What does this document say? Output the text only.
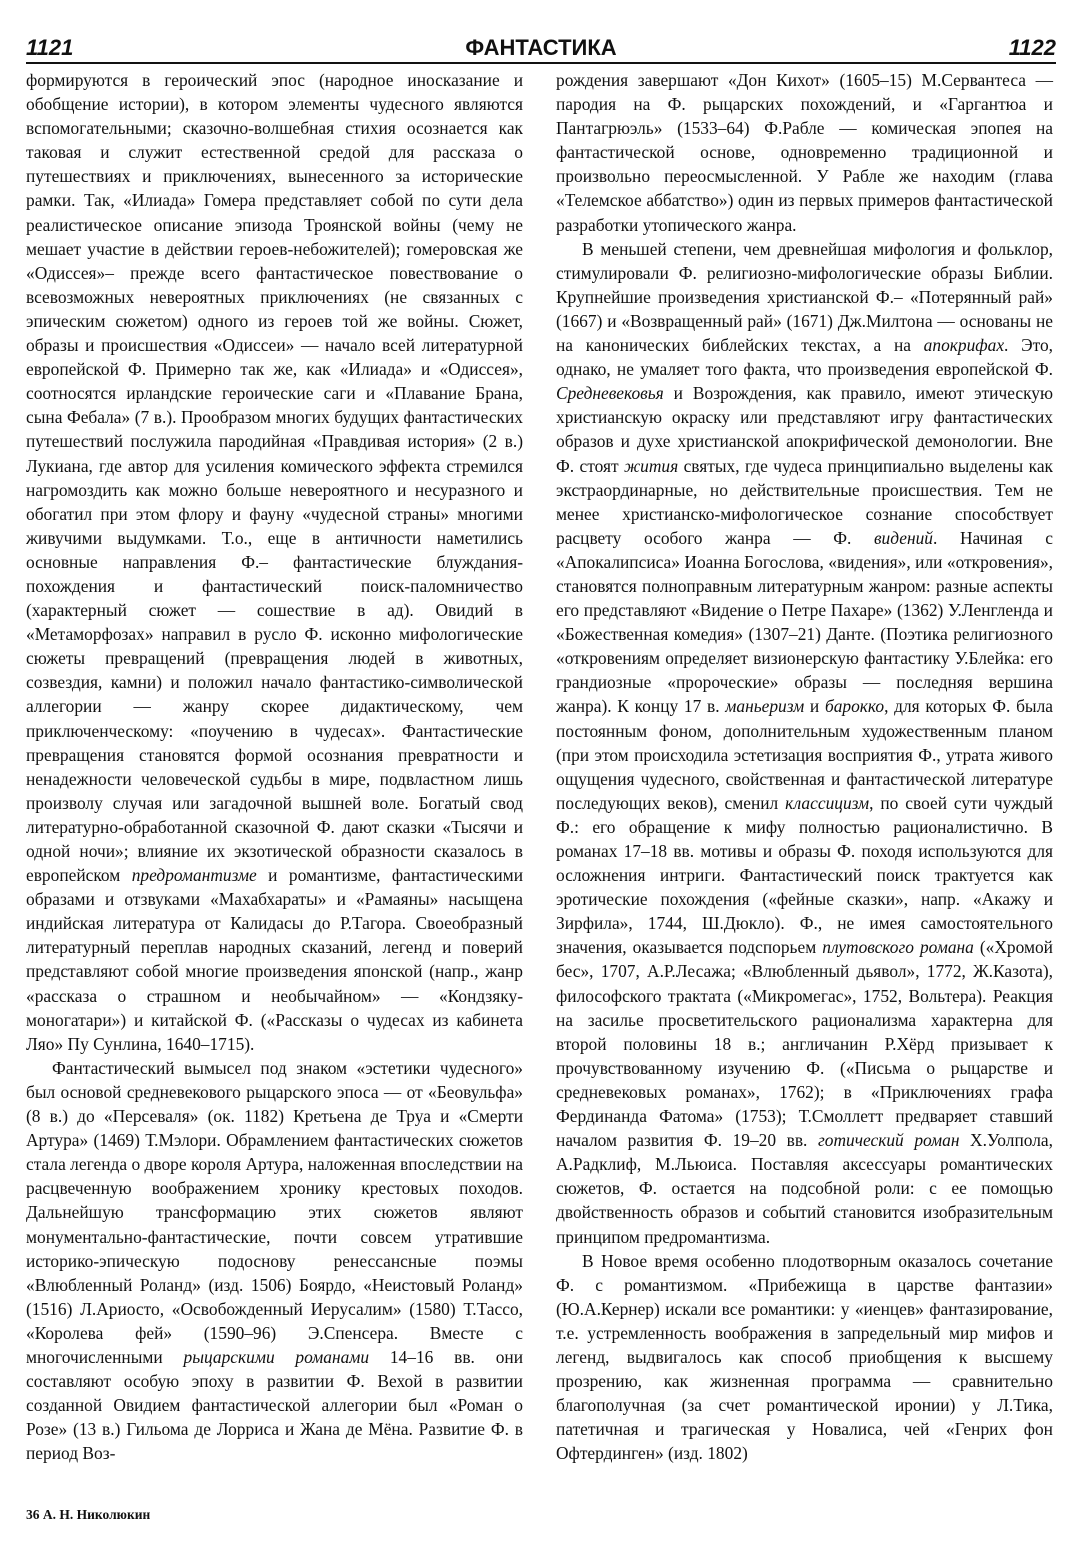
1121	ФАНТАСТИКА	1122

формируются в героический эпос (народное иносказание и обобщение истории), в котором элементы чудесного являются вспомогательными; сказочно-волшебная стихия осознается как таковая и служит естественной средой для рассказа о путешествиях и приключениях, вынесенного за исторические рамки. Так, «Илиада» Гомера представляет собой по сути дела реалистическое описание эпизода Троянской войны (чему не мешает участие в действии героев-небожителей); гомеровская же «Одиссея»– прежде всего фантастическое повествование о всевозможных невероятных приключениях (не связанных с эпическим сюжетом) одного из героев той же войны. Сюжет, образы и происшествия «Одиссеи» — начало всей литературной европейской Ф. Примерно так же, как «Илиада» и «Одиссея», соотносятся ирландские героические саги и «Плавание Брана, сына Фебала» (7 в.). Прообразом многих будущих фантастических путешествий послужила пародийная «Правдивая история» (2 в.) Лукиана, где автор для усиления комического эффекта стремился нагромоздить как можно больше невероятного и несуразного и обогатил при этом флору и фауну «чудесной страны» многими живучими выдумками. Т.о., еще в античности наметились основные направления Ф.– фантастические блуждания-похождения и фантастический поиск-паломничество (характерный сюжет — сошествие в ад). Овидий в «Метаморфозах» направил в русло Ф. исконно мифологические сюжеты превращений (превращения людей в животных, созвездия, камни) и положил начало фантастико-символической аллегории — жанру скорее дидактическому, чем приключенческому: «поучению в чудесах». Фантастические превращения становятся формой осознания превратности и ненадежности человеческой судьбы в мире, подвластном лишь произволу случая или загадочной вышней воле. Богатый свод литературно-обработанной сказочной Ф. дают сказки «Тысячи и одной ночи»; влияние их экзотической образности сказалось в европейском предромантизме и романтизме, фантастическими образами и отзвуками «Махабхараты» и «Рамаяны» насыщена индийская литература от Калидасы до Р.Тагора. Своеобразный литературный переплав народных сказаний, легенд и поверий представляют собой многие произведения японской (напр., жанр «рассказа о страшном и необычайном» — «Кондзяку-моногатари») и китайской Ф. («Рассказы о чудесах из кабинета Ляо» Пу Сунлина, 1640–1715).

Фантастический вымысел под знаком «эстетики чудесного» был основой средневекового рыцарского эпоса — от «Беовульфа» (8 в.) до «Персеваля» (ок. 1182) Кретьена де Труа и «Смерти Артура» (1469) Т.Мэлори. Обрамлением фантастических сюжетов стала легенда о дворе короля Артура, наложенная впоследствии на расцвеченную воображением хронику крестовых походов. Дальнейшую трансформацию этих сюжетов являют монументально-фантастические, почти совсем утратившие историко-эпическую подоснову ренессансные поэмы «Влюбленный Роланд» (изд. 1506) Боярдо, «Неистовый Роланд» (1516) Л.Ариосто, «Освобожденный Иерусалим» (1580) Т.Тассо, «Королева фей» (1590–96) Э.Спенсера. Вместе с многочисленными рыцарскими романами 14–16 вв. они составляют особую эпоху в развитии Ф. Вехой в развитии созданной Овидием фантастической аллегории был «Роман о Розе» (13 в.) Гильома де Лорриса и Жана де Мёна. Развитие Ф. в период Воз-

рождения завершают «Дон Кихот» (1605–15) М.Сервантеса — пародия на Ф. рыцарских похождений, и «Гаргантюа и Пантагрюэль» (1533–64) Ф.Рабле — комическая эпопея на фантастической основе, одновременно традиционной и произвольно переосмысленной. У Рабле же находим (глава «Телемское аббатство») один из первых примеров фантастической разработки утопического жанра.

В меньшей степени, чем древнейшая мифология и фольклор, стимулировали Ф. религиозно-мифологические образы Библии. Крупнейшие произведения христианской Ф.– «Потерянный рай» (1667) и «Возвращенный рай» (1671) Дж.Милтона — основаны не на канонических библейских текстах, а на апокрифах. Это, однако, не умаляет того факта, что произведения европейской Ф. Средневековья и Возрождения, как правило, имеют этическую христианскую окраску или представляют игру фантастических образов и духе христианской апокрифической демонологии. Вне Ф. стоят жития святых, где чудеса принципиально выделены как экстраординарные, но действительные происшествия. Тем не менее христианско-мифологическое сознание способствует расцвету особого жанра — Ф. видений. Начиная с «Апокалипсиса» Иоанна Богослова, «видения», или «откровения», становятся полноправным литературным жанром: разные аспекты его представляют «Видение о Петре Пахаре» (1362) У.Ленгленда и «Божественная комедия» (1307–21) Данте. (Поэтика религиозного «откровениям определяет визионерскую фантастику У.Блейка: его грандиозные «пророческие» образы — последняя вершина жанра). К концу 17 в. маньеризм и барокко, для которых Ф. была постоянным фоном, дополнительным художественным планом (при этом происходила эстетизация восприятия Ф., утрата живого ощущения чудесного, свойственная и фантастической литературе последующих веков), сменил классицизм, по своей сути чуждый Ф.: его обращение к мифу полностью рационалистично. В романах 17–18 вв. мотивы и образы Ф. походя используются для осложнения интриги. Фантастический поиск трактуется как эротические похождения («фейные сказки», напр. «Акажу и Зирфила», 1744, Ш.Дюкло). Ф., не имея самостоятельного значения, оказывается подспорьем плутовского романа («Хромой бес», 1707, А.Р.Лесажа; «Влюбленный дьявол», 1772, Ж.Казота), философского трактата («Микромегас», 1752, Вольтера). Реакция на засилье просветительского рационализма характерна для второй половины 18 в.; англичанин Р.Хёрд призывает к прочувствованному изучению Ф. («Письма о рыцарстве и средневековых романах», 1762); в «Приключениях графа Фердинанда Фатома» (1753); Т.Смоллетт предваряет ставший началом развития Ф. 19–20 вв. готический роман Х.Уолпола, А.Радклиф, М.Льюиса. Поставляя аксессуары романтических сюжетов, Ф. остается на подсобной роли: с ее помощью двойственность образов и событий становится изобразительным принципом предромантизма.

В Новое время особенно плодотворным оказалось сочетание Ф. с романтизмом. «Прибежища в царстве фантазии» (Ю.А.Кернер) искали все романтики: у «иенцев» фантазирование, т.е. устремленность воображения в запредельный мир мифов и легенд, выдвигалось как способ приобщения к высшему прозрению, как жизненная программа — сравнительно благополучная (за счет романтической иронии) у Л.Тика, патетичная и трагическая у Новалиса, чей «Генрих фон Офтердинген» (изд. 1802)

36 А. Н. Николюкин
